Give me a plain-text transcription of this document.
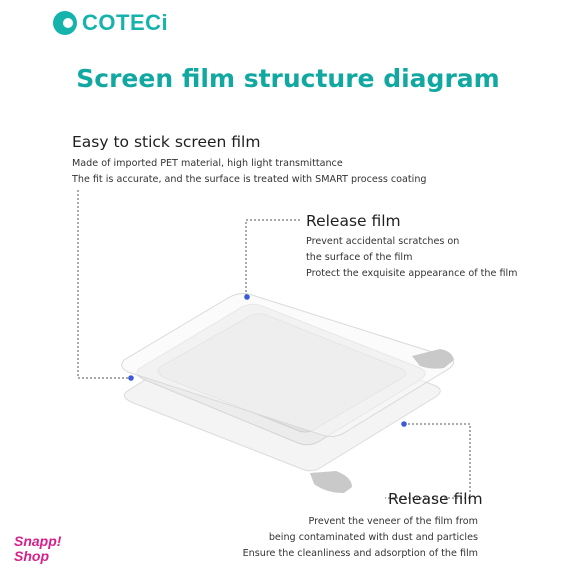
COTECi
Screen film structure diagram
Easy to stick screen film
Made of imported PET material, high light transmittance
The fit is accurate, and the surface is treated with SMART process coating
Release film
Prevent accidental scratches on
the surface of the film
Protect the exquisite appearance of the film
Release film
Prevent the veneer of the film from
being contaminated with dust and particles
Ensure the cleanliness and adsorption of the film
Snapp!
Shop
